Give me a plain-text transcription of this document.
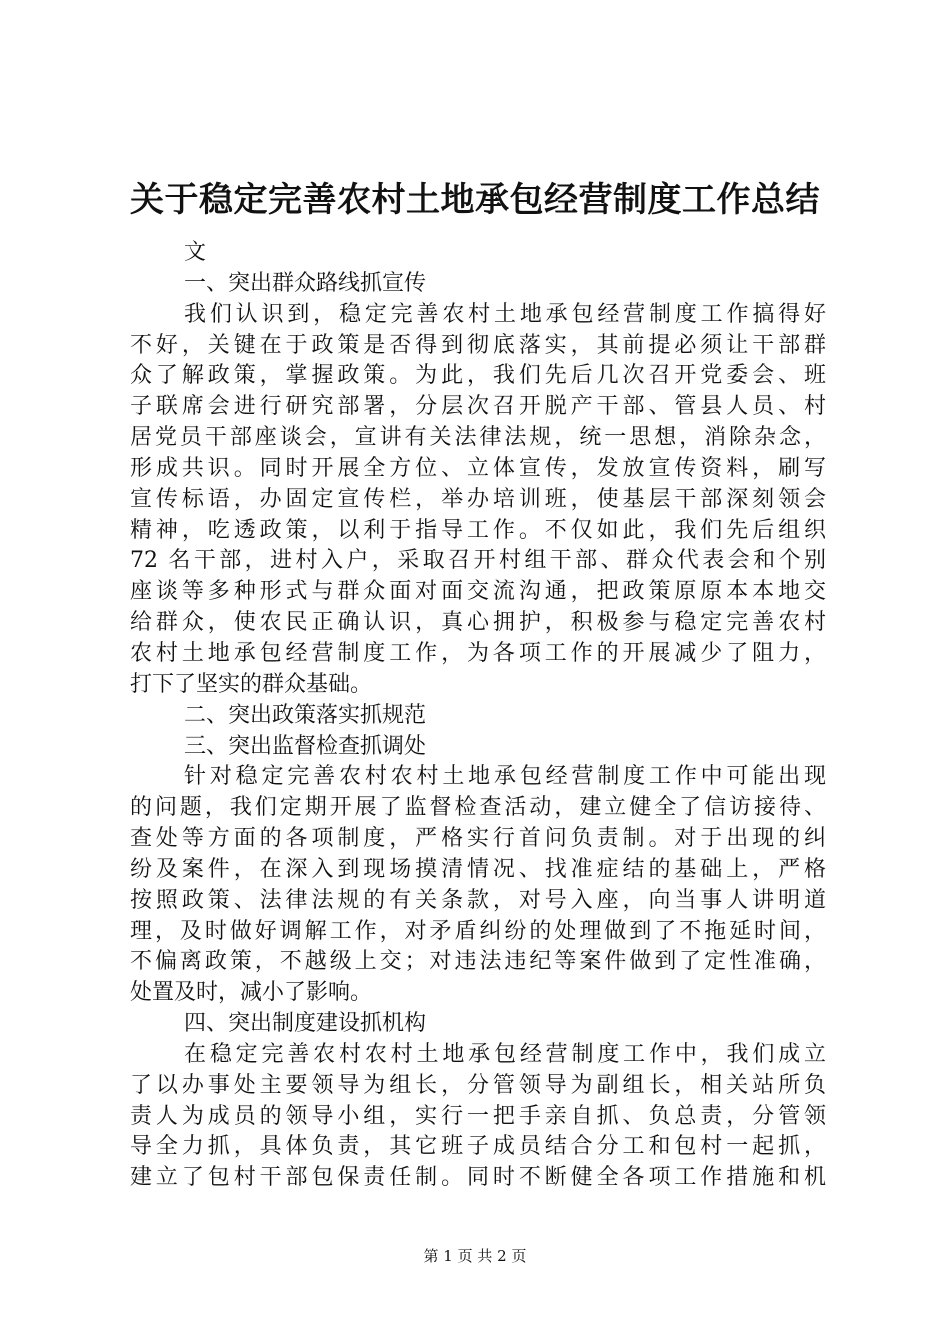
关于稳定完善农村土地承包经营制度工作总结
文
一、突出群众路线抓宣传
我们认识到，稳定完善农村土地承包经营制度工作搞得好
不好，关键在于政策是否得到彻底落实，其前提必须让干部群
众了解政策，掌握政策。为此，我们先后几次召开党委会、班
子联席会进行研究部署，分层次召开脱产干部、管县人员、村
居党员干部座谈会，宣讲有关法律法规，统一思想，消除杂念，
形成共识。同时开展全方位、立体宣传，发放宣传资料，刷写
宣传标语，办固定宣传栏，举办培训班，使基层干部深刻领会
精神，吃透政策，以利于指导工作。不仅如此，我们先后组织
72 名干部，进村入户，采取召开村组干部、群众代表会和个别
座谈等多种形式与群众面对面交流沟通，把政策原原本本地交
给群众，使农民正确认识，真心拥护，积极参与稳定完善农村
农村土地承包经营制度工作，为各项工作的开展减少了阻力，
打下了坚实的群众基础。
二、突出政策落实抓规范
三、突出监督检查抓调处
针对稳定完善农村农村土地承包经营制度工作中可能出现
的问题，我们定期开展了监督检查活动，建立健全了信访接待、
查处等方面的各项制度，严格实行首问负责制。对于出现的纠
纷及案件，在深入到现场摸清情况、找准症结的基础上，严格
按照政策、法律法规的有关条款，对号入座，向当事人讲明道
理，及时做好调解工作，对矛盾纠纷的处理做到了不拖延时间，
不偏离政策，不越级上交；对违法违纪等案件做到了定性准确，
处置及时，减小了影响。
四、突出制度建设抓机构
在稳定完善农村农村土地承包经营制度工作中，我们成立
了以办事处主要领导为组长，分管领导为副组长，相关站所负
责人为成员的领导小组，实行一把手亲自抓、负总责，分管领
导全力抓，具体负责，其它班子成员结合分工和包村一起抓，
建立了包村干部包保责任制。同时不断健全各项工作措施和机
第 1 页 共 2 页
